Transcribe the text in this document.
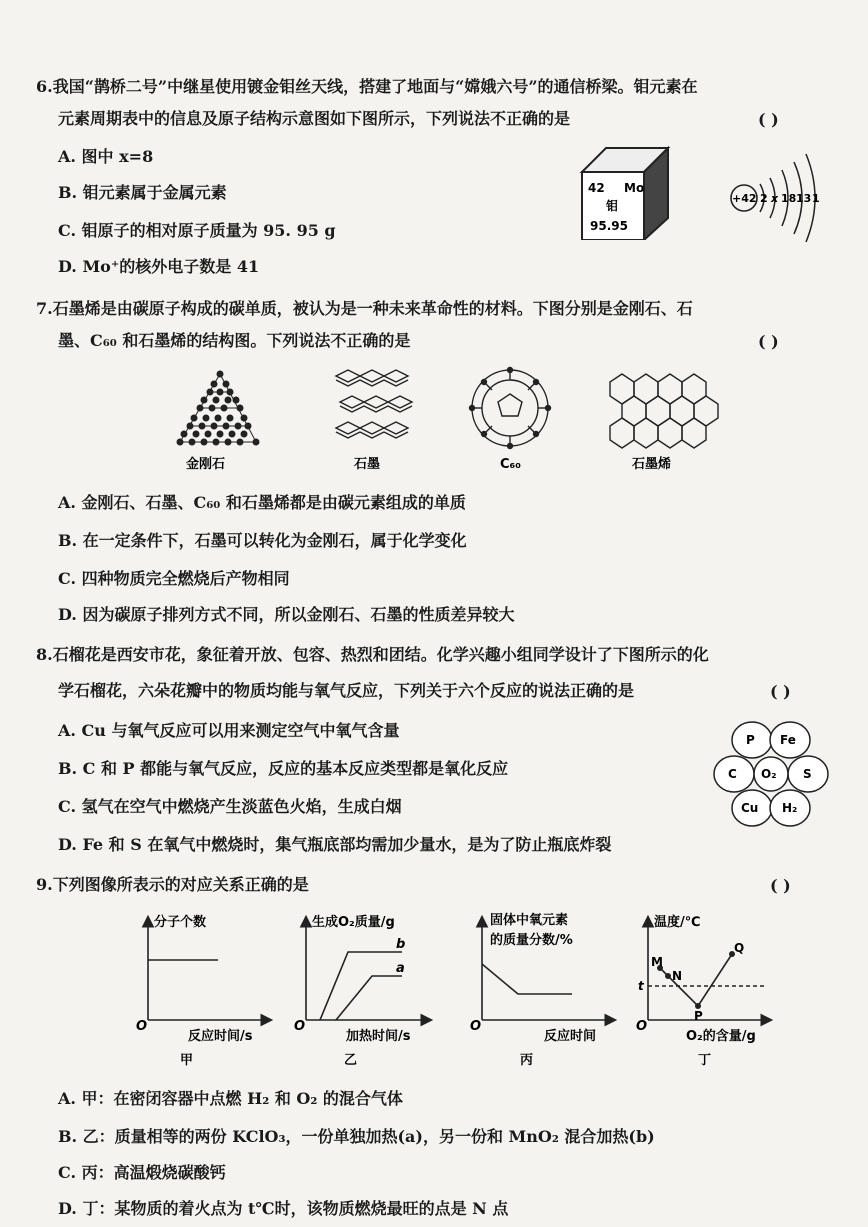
6.我国“鹊桥二号”中继星使用镀金钼丝天线，搭建了地面与“嫦娥六号”的通信桥梁。钼元素在
元素周期表中的信息及原子结构示意图如下图所示，下列说法不正确的是	( )
A. 图中 x=8
B. 钼元素属于金属元素
C. 钼原子的相对原子质量为 95. 95 g
D. Mo⁺的核外电子数是 41
42 Mo
钼
95.95
+42 2 x 18 13 1
7.石墨烯是由碳原子构成的碳单质，被认为是一种未来革命性的材料。下图分别是金刚石、石
墨、C₆₀ 和石墨烯的结构图。下列说法不正确的是	( )
金刚石	石墨	C₆₀	石墨烯
A. 金刚石、石墨、C₆₀ 和石墨烯都是由碳元素组成的单质
B. 在一定条件下，石墨可以转化为金刚石，属于化学变化
C. 四种物质完全燃烧后产物相同
D. 因为碳原子排列方式不同，所以金刚石、石墨的性质差异较大
8.石榴花是西安市花，象征着开放、包容、热烈和团结。化学兴趣小组同学设计了下图所示的化
学石榴花，六朵花瓣中的物质均能与氧气反应，下列关于六个反应的说法正确的是	( )
A. Cu 与氧气反应可以用来测定空气中氧气含量
B. C 和 P 都能与氧气反应，反应的基本反应类型都是氧化反应
C. 氢气在空气中燃烧产生淡蓝色火焰，生成白烟
D. Fe 和 S 在氧气中燃烧时，集气瓶底部均需加少量水，是为了防止瓶底炸裂
P Fe
C	S
Cu H₂
O₂
9.下列图像所表示的对应关系正确的是	( )
分子个数
O
反应时间/s
甲
生成O₂质量/g
b
a
O
加热时间/s
乙
固体中氧元素
的质量分数/%
O
反应时间
丙
温度/℃
M
N
P
Q
t
O
O₂的含量/g
丁
A. 甲：在密闭容器中点燃 H₂ 和 O₂ 的混合气体
B. 乙：质量相等的两份 KClO₃，一份单独加热(a)，另一份和 MnO₂ 混合加热(b)
C. 丙：高温煅烧碳酸钙
D. 丁：某物质的着火点为 t℃时，该物质燃烧最旺的点是 N 点
